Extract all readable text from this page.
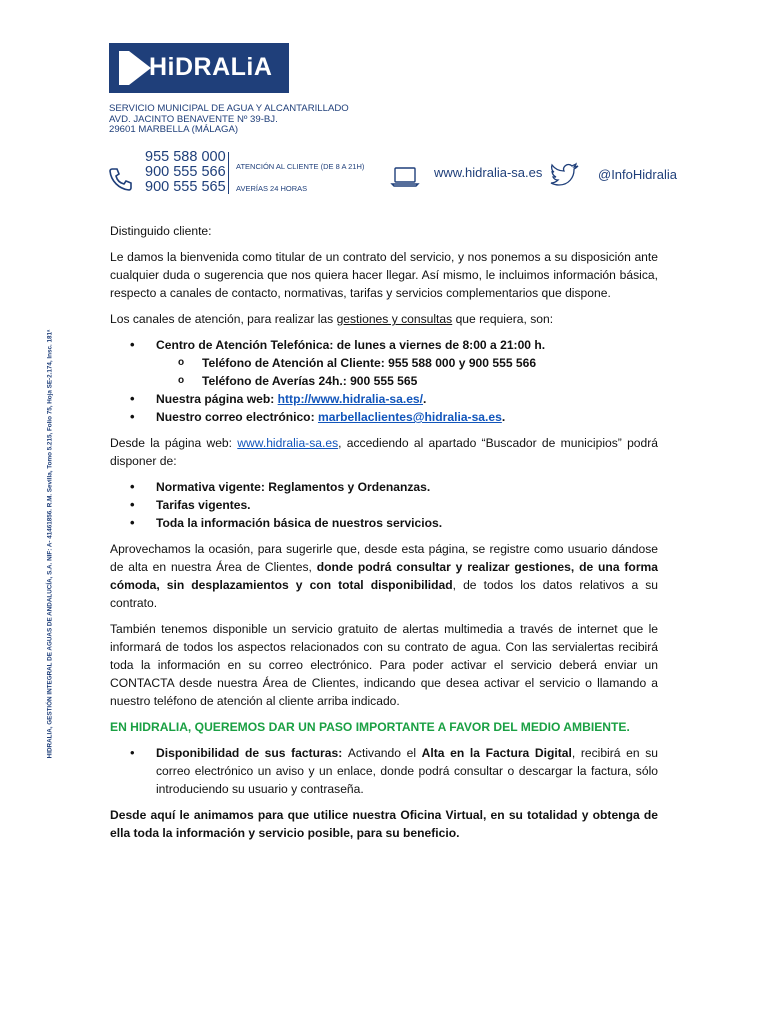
HiDRALiA
SERVICIO MUNICIPAL DE AGUA Y ALCANTARILLADO
AVD. JACINTO BENAVENTE Nº 39-BJ.
29601 MARBELLA (MÁLAGA)
955 588 000
900 555 566
900 555 565
ATENCIÓN AL CLIENTE (DE 8 A 21H)
AVERÍAS 24 HORAS
www.hidralia-sa.es	@InfoHidralia
HIDRALIA, GESTIÓN INTEGRAL DE AGUAS DE ANDALUCÍA, S.A. NIF: A- 41461856. R.M. Sevilla, Tomo 5.215, Folio 75, Hoja SE-2.174, Insc. 181ª

Distinguido cliente:

Le damos la bienvenida como titular de un contrato del servicio, y nos ponemos a su disposición ante cualquier duda o sugerencia que nos quiera hacer llegar. Así mismo, le incluimos información básica, respecto a canales de contacto, normativas, tarifas y servicios complementarios que dispone.

Los canales de atención, para realizar las gestiones y consultas que requiera, son:

• Centro de Atención Telefónica: de lunes a viernes de 8:00 a 21:00 h.
o Teléfono de Atención al Cliente: 955 588 000 y 900 555 566
o Teléfono de Averías 24h.: 900 555 565
• Nuestra página web: http://www.hidralia-sa.es/.
• Nuestro correo electrónico: marbellaclientes@hidralia-sa.es.

Desde la página web: www.hidralia-sa.es, accediendo al apartado “Buscador de municipios” podrá disponer de:

• Normativa vigente: Reglamentos y Ordenanzas.
• Tarifas vigentes.
• Toda la información básica de nuestros servicios.

Aprovechamos la ocasión, para sugerirle que, desde esta página, se registre como usuario dándose de alta en nuestra Área de Clientes, donde podrá consultar y realizar gestiones, de una forma cómoda, sin desplazamientos y con total disponibilidad, de todos los datos relativos a su contrato.

También tenemos disponible un servicio gratuito de alertas multimedia a través de internet que le informará de todos los aspectos relacionados con su contrato de agua. Con las servialertas recibirá toda la información en su correo electrónico. Para poder activar el servicio deberá enviar un CONTACTA desde nuestra Área de Clientes, indicando que desea activar el servicio o llamando a nuestro teléfono de atención al cliente arriba indicado.

EN HIDRALIA, QUEREMOS DAR UN PASO IMPORTANTE A FAVOR DEL MEDIO AMBIENTE.

• Disponibilidad de sus facturas: Activando el Alta en la Factura Digital, recibirá en su correo electrónico un aviso y un enlace, donde podrá consultar o descargar la factura, sólo introduciendo su usuario y contraseña.

Desde aquí le animamos para que utilice nuestra Oficina Virtual, en su totalidad y obtenga de ella toda la información y servicio posible, para su beneficio.
